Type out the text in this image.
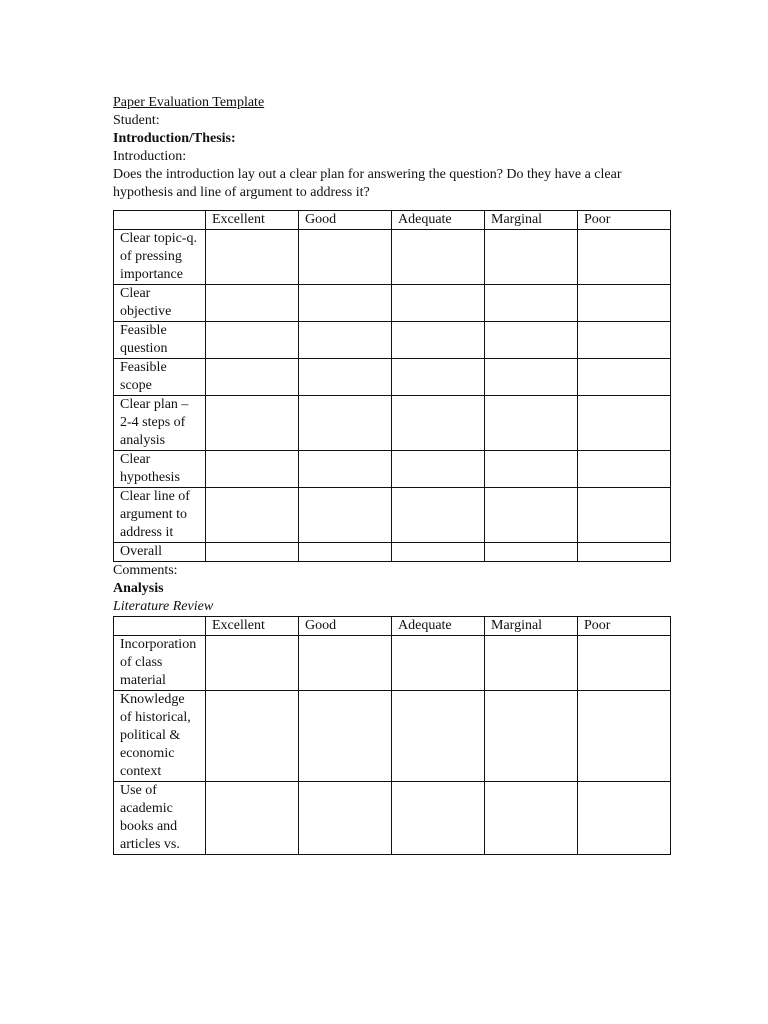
Paper Evaluation Template

Student:

Introduction/Thesis:

Introduction:

Does the introduction lay out a clear plan for answering the question? Do they have a clear hypothesis and line of argument to address it?

	Excellent	Good	Adequate	Marginal	Poor
Clear topic-q. of pressing importance					
Clear objective					
Feasible question					
Feasible scope					
Clear plan – 2-4 steps of analysis					
Clear hypothesis					
Clear line of argument to address it					
Overall					

Comments:

Analysis

Literature Review

	Excellent	Good	Adequate	Marginal	Poor
Incorporation of class material					
Knowledge of historical, political & economic context					
Use of academic books and articles vs.					
